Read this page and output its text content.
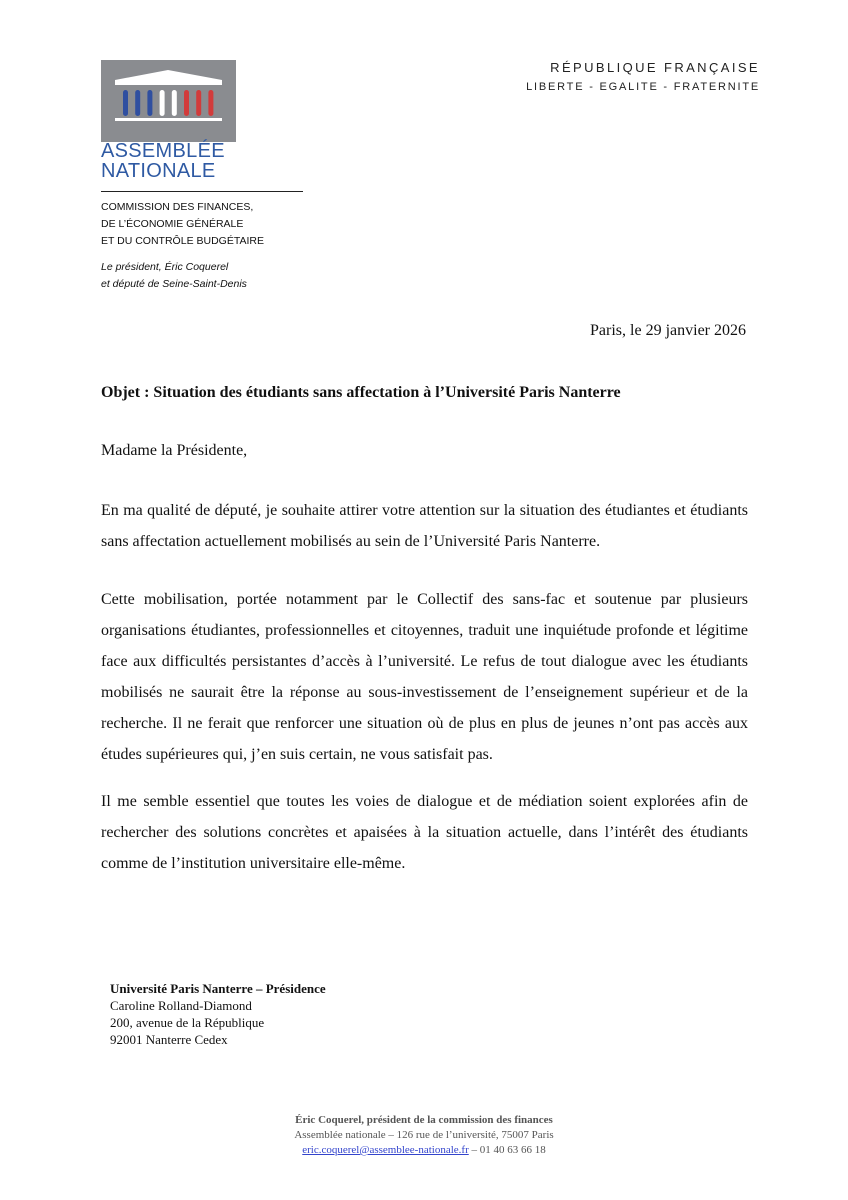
ASSEMBLÉE
NATIONALE
COMMISSION DES FINANCES,
DE L’ÉCONOMIE GÉNÉRALE
ET DU CONTRÔLE BUDGÉTAIRE
Le président, Éric Coquerel
et député de Seine-Saint-Denis
RÉPUBLIQUE FRANÇAISE
LIBERTE - EGALITE - FRATERNITE
Paris, le 29 janvier 2026
Objet : Situation des étudiants sans affectation à l’Université Paris Nanterre
Madame la Présidente,
En ma qualité de député, je souhaite attirer votre attention sur la situation des étudiantes et étudiants sans affectation actuellement mobilisés au sein de l’Université Paris Nanterre.
Cette mobilisation, portée notamment par le Collectif des sans-fac et soutenue par plusieurs organisations étudiantes, professionnelles et citoyennes, traduit une inquiétude profonde et légitime face aux difficultés persistantes d’accès à l’université. Le refus de tout dialogue avec les étudiants mobilisés ne saurait être la réponse au sous-investissement de l’enseignement supérieur et de la recherche. Il ne ferait que renforcer une situation où de plus en plus de jeunes n’ont pas accès aux études supérieures qui, j’en suis certain, ne vous satisfait pas.
Il me semble essentiel que toutes les voies de dialogue et de médiation soient explorées afin de rechercher des solutions concrètes et apaisées à la situation actuelle, dans l’intérêt des étudiants comme de l’institution universitaire elle-même.
Université Paris Nanterre – Présidence
Caroline Rolland-Diamond
200, avenue de la République
92001 Nanterre Cedex
Éric Coquerel, président de la commission des finances
Assemblée nationale – 126 rue de l’université, 75007 Paris
eric.coquerel@assemblee-nationale.fr – 01 40 63 66 18
